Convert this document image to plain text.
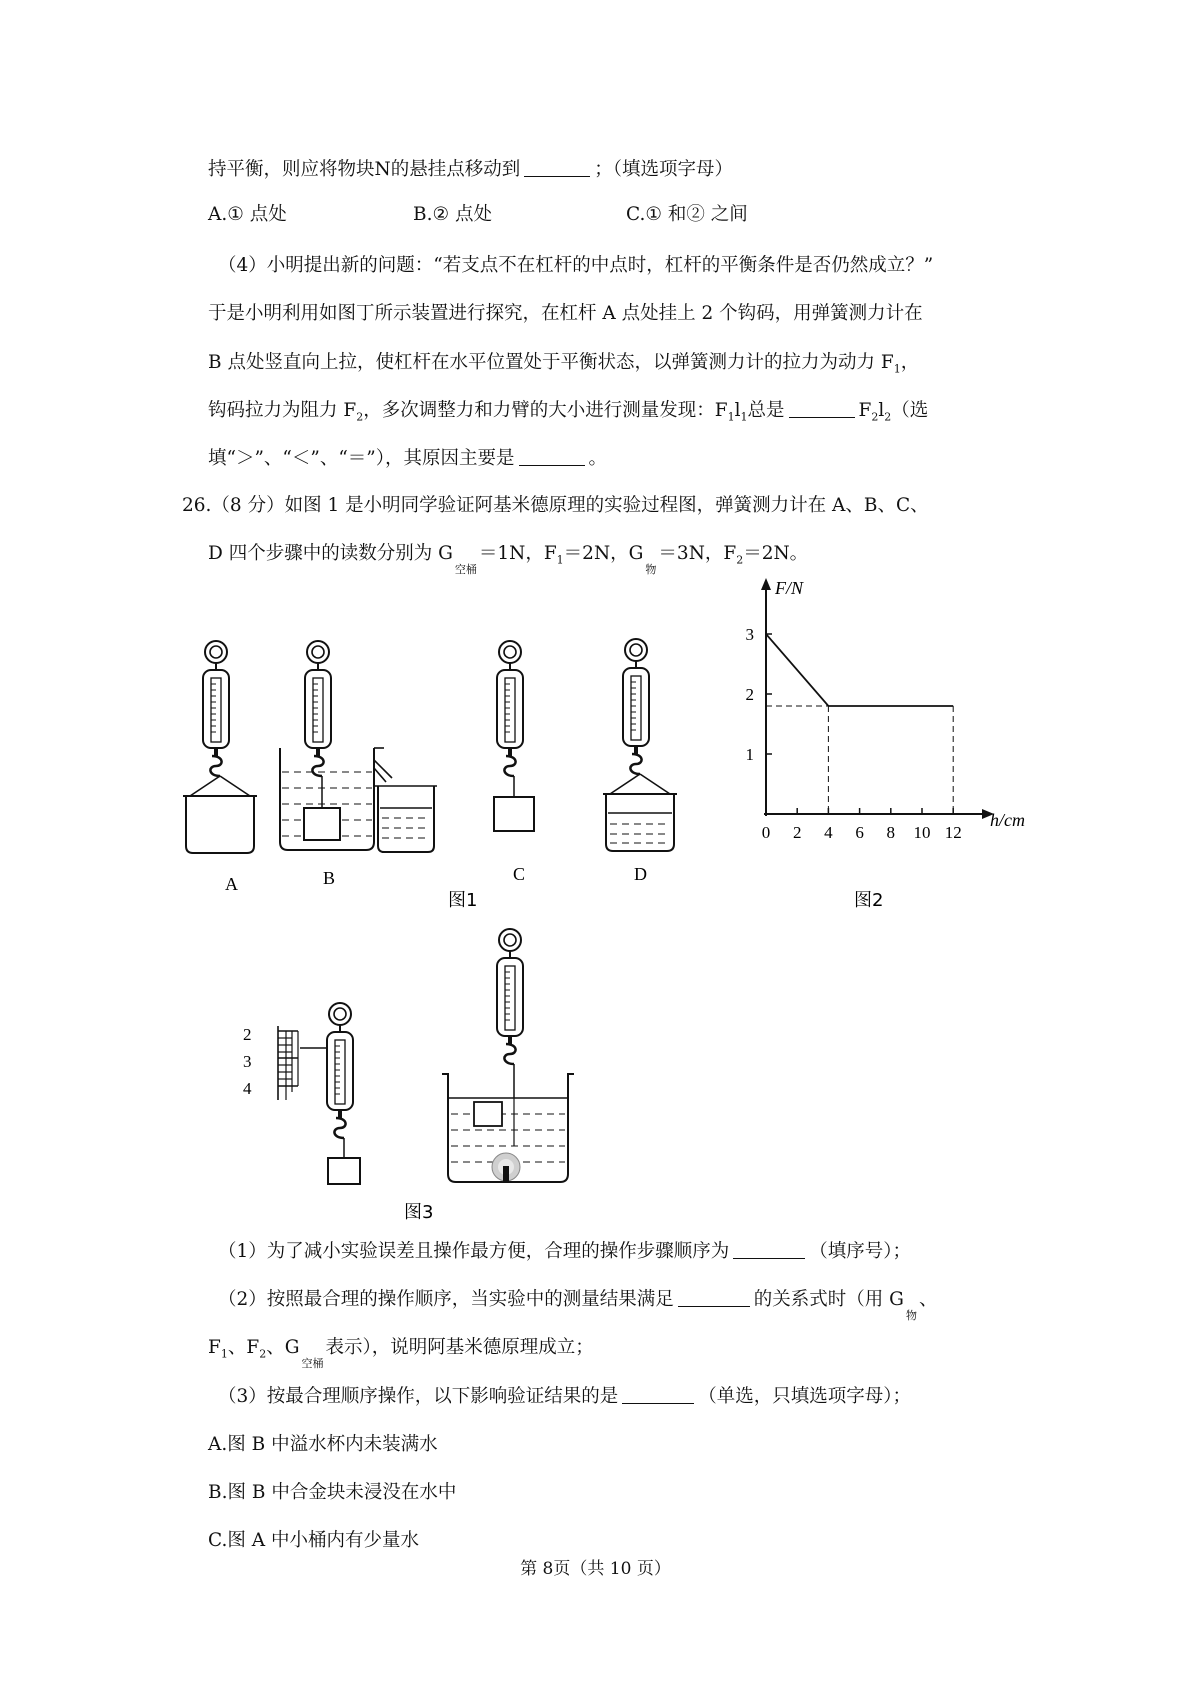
持平衡，则应将物块N的悬挂点移动到	；（填选项字母）
A.① 点处	B.② 点处	C.① 和② 之间
（4）小明提出新的问题：“若支点不在杠杆的中点时，杠杆的平衡条件是否仍然成立？”
于是小明利用如图丁所示装置进行探究，在杠杆 A 点处挂上 2 个钩码，用弹簧测力计在
B 点处竖直向上拉，使杠杆在水平位置处于平衡状态，以弹簧测力计的拉力为动力 $F_1$，
钩码拉力为阻力 $F_2$，多次调整力和力臂的大小进行测量发现：$F_1l_1$总是	$F_2l_2$（选
填“＞”、“＜”、“＝”），其原因主要是	。
26.（8 分）如图 1 是小明同学验证阿基米德原理的实验过程图，弹簧测力计在 A、B、C、
D 四个步骤中的读数分别为 $G_{空桶}=1N$，$F_1=2N$，$G_物=3N$，$F_2=2N$。
A	B	C	D
图1
0 2 4 6 8 10 12
1
2
3
F/N
h/cm
图2
2
3
4
图3
（1）为了减小实验误差且操作最方便，合理的操作步骤顺序为	（填序号）；
（2）按照最合理的操作顺序，当实验中的测量结果满足	的关系式时（用 $G_物$、
$F_1$、$F_2$、$G_{空桶}$表示），说明阿基米德原理成立；
（3）按最合理顺序操作，以下影响验证结果的是	（单选，只填选项字母）；
A.图 B 中溢水杯内未装满水
B.图 B 中合金块未浸没在水中
C.图 A 中小桶内有少量水
第 8页（共 10 页）
